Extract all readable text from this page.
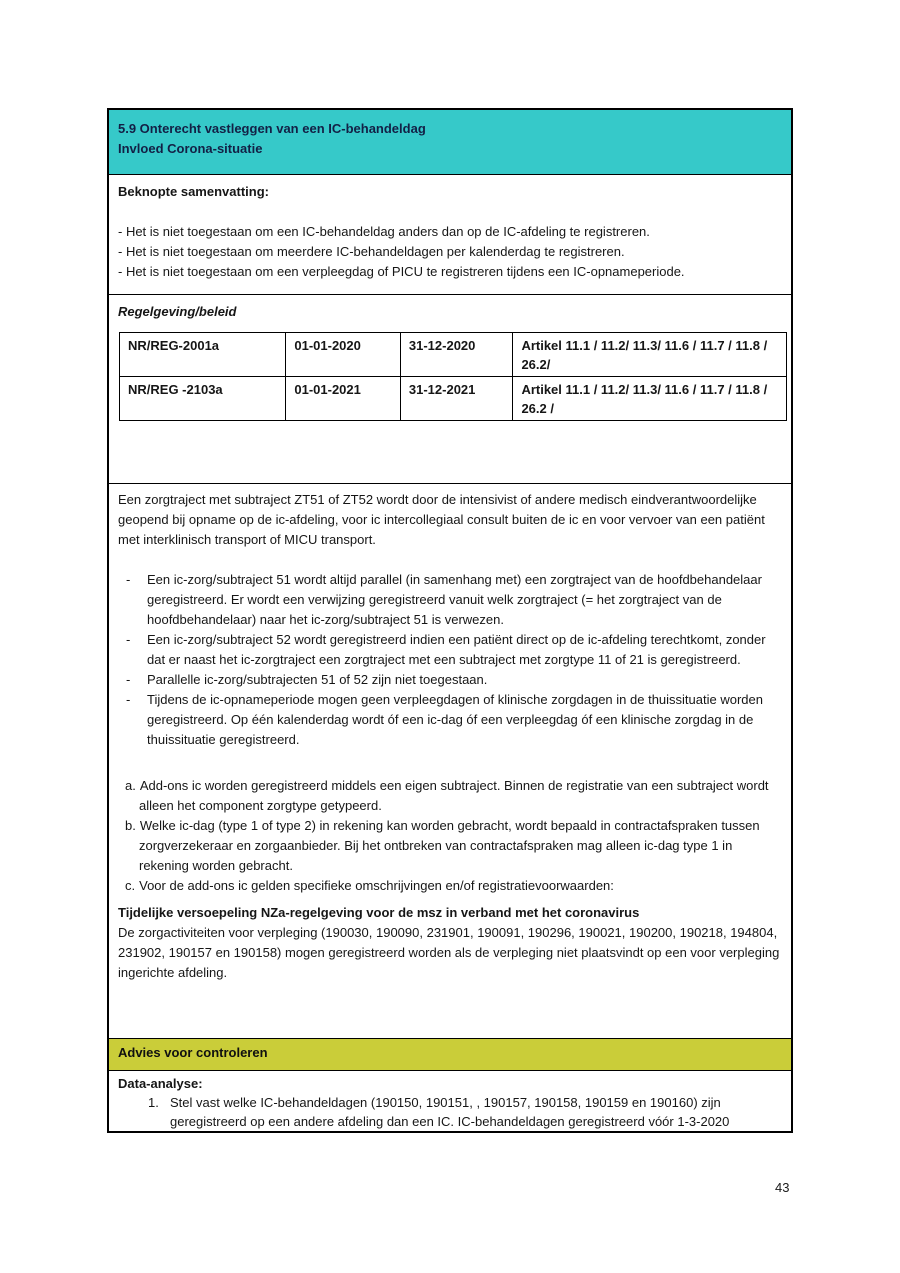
5.9 Onterecht vastleggen van een IC-behandeldag
Invloed Corona-situatie
Beknopte samenvatting:
- Het is niet toegestaan om een IC-behandeldag anders dan op de IC-afdeling te registreren.
- Het is niet toegestaan om meerdere IC-behandeldagen per kalenderdag te registreren.
- Het is niet toegestaan om een verpleegdag of PICU te registreren tijdens een IC-opnameperiode.
Regelgeving/beleid
NR/REG-2001a	01-01-2020	31-12-2020	Artikel 11.1 / 11.2/ 11.3/ 11.6 / 11.7 / 11.8 / 26.2/
NR/REG -2103a	01-01-2021	31-12-2021	Artikel 11.1 / 11.2/ 11.3/ 11.6 / 11.7 / 11.8 / 26.2 /

Een zorgtraject met subtraject ZT51 of ZT52 wordt door de intensivist of andere medisch eindverantwoordelijke geopend bij opname op de ic-afdeling, voor ic intercollegiaal consult buiten de ic en voor vervoer van een patiënt met interklinisch transport of MICU transport.

-	Een ic-zorg/subtraject 51 wordt altijd parallel (in samenhang met) een zorgtraject van de hoofdbehandelaar geregistreerd. Er wordt een verwijzing geregistreerd vanuit welk zorgtraject (= het zorgtraject van de hoofdbehandelaar) naar het ic-zorg/subtraject 51 is verwezen.
-	Een ic-zorg/subtraject 52 wordt geregistreerd indien een patiënt direct op de ic-afdeling terechtkomt, zonder dat er naast het ic-zorgtraject een zorgtraject met een subtraject met zorgtype 11 of 21 is geregistreerd.
-	Parallelle ic-zorg/subtrajecten 51 of 52 zijn niet toegestaan.
-	Tijdens de ic-opnameperiode mogen geen verpleegdagen of klinische zorgdagen in de thuissituatie worden geregistreerd. Op één kalenderdag wordt óf een ic-dag óf een verpleegdag óf een klinische zorgdag in de thuissituatie geregistreerd.
a. Add-ons ic worden geregistreerd middels een eigen subtraject. Binnen de registratie van een subtraject wordt alleen het component zorgtype getypeerd.
b. Welke ic-dag (type 1 of type 2) in rekening kan worden gebracht, wordt bepaald in contractafspraken tussen zorgverzekeraar en zorgaanbieder. Bij het ontbreken van contractafspraken mag alleen ic-dag type 1 in rekening worden gebracht.
c. Voor de add-ons ic gelden specifieke omschrijvingen en/of registratievoorwaarden:
Tijdelijke versoepeling NZa-regelgeving voor de msz in verband met het coronavirus
De zorgactiviteiten voor verpleging (190030, 190090, 231901, 190091, 190296, 190021, 190200, 190218, 194804, 231902, 190157 en 190158) mogen geregistreerd worden als de verpleging niet plaatsvindt op een voor verpleging ingerichte afdeling.
Advies voor controleren
Data-analyse:
1. Stel vast welke IC-behandeldagen (190150, 190151, , 190157, 190158, 190159 en 190160) zijn geregistreerd op een andere afdeling dan een IC. IC-behandeldagen geregistreerd vóór 1-3-2020
43
